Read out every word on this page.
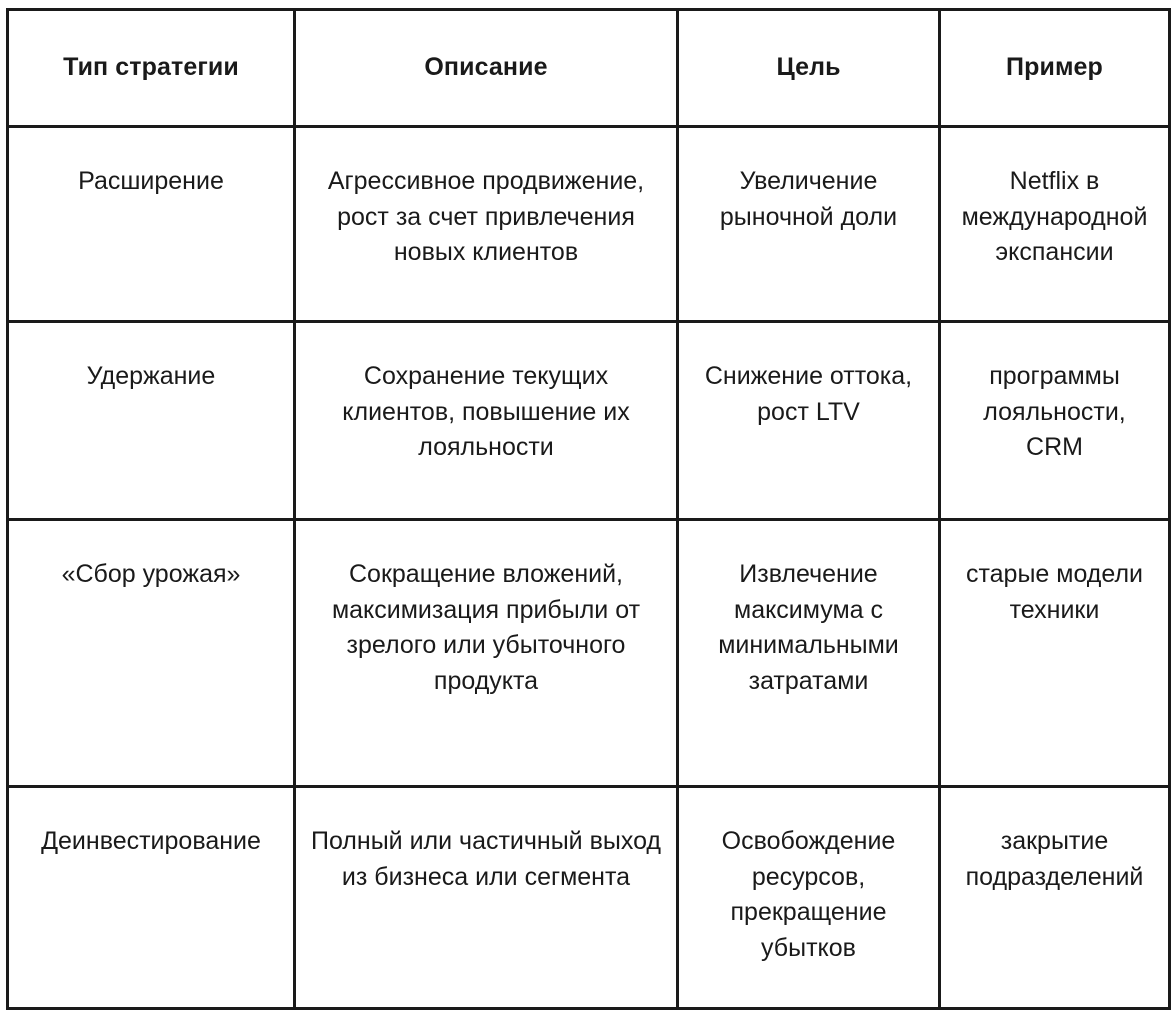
Тип стратегии	Описание	Цель	Пример

Расширение	Агрессивное продвижение, рост за счет привлечения новых клиентов	Увеличение рыночной доли	Netflix в международной экспансии

Удержание	Сохранение текущих клиентов, повышение их лояльности	Снижение оттока, рост LTV	программы лояльности, CRM

«Сбор урожая»	Сокращение вложений, максимизация прибыли от зрелого или убыточного продукта	Извлечение максимума с минимальными затратами	старые модели техники

Деинвестирование	Полный или частичный выход из бизнеса или сегмента	Освобождение ресурсов, прекращение убытков	закрытие подразделений
